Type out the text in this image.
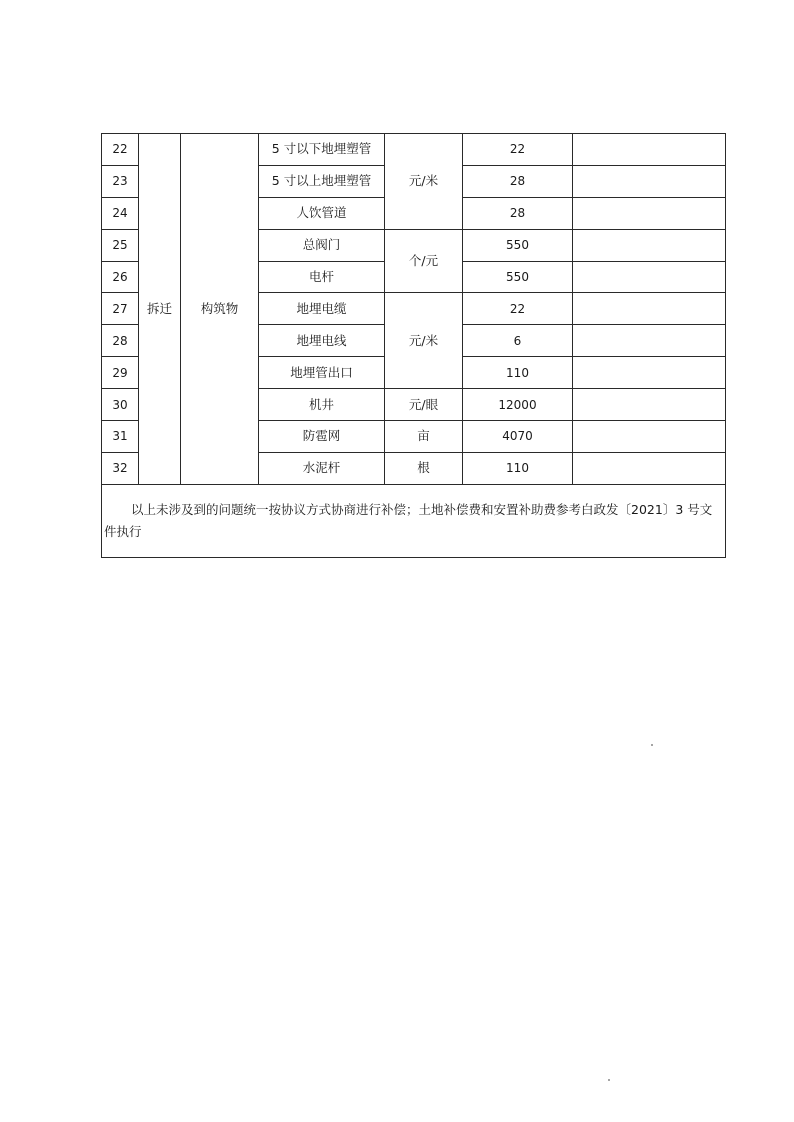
22	拆迁	构筑物	5 寸以下地埋塑管	元/米	22	
23			5 寸以上地埋塑管		28	
24			人饮管道		28	
25			总阀门	个/元	550	
26			电杆		550	
27			地埋电缆	元/米	22	
28			地埋电线		6	
29			地埋管出口		110	
30			机井	元/眼	12000	
31			防雹网	亩	4070	
32			水泥杆	根	110	
以上未涉及到的问题统一按协议方式协商进行补偿；土地补偿费和安置补助费参考白政发〔2021〕3 号文件执行						
